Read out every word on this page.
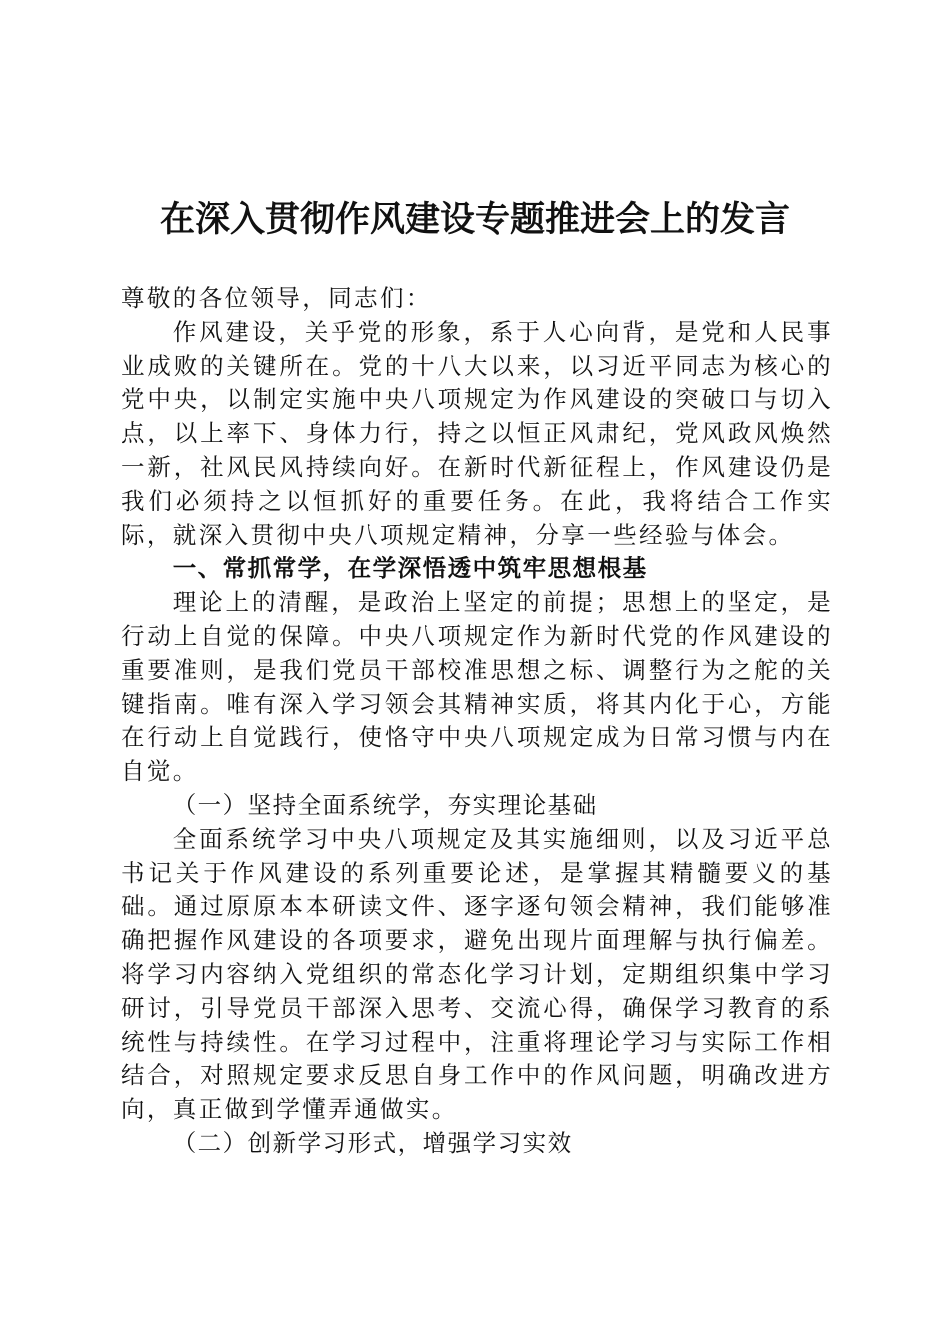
在深入贯彻作风建设专题推进会上的发言

尊敬的各位领导，同志们：

作风建设，关乎党的形象，系于人心向背，是党和人民事业成败的关键所在。党的十八大以来，以习近平同志为核心的党中央，以制定实施中央八项规定为作风建设的突破口与切入点，以上率下、身体力行，持之以恒正风肃纪，党风政风焕然一新，社风民风持续向好。在新时代新征程上，作风建设仍是我们必须持之以恒抓好的重要任务。在此，我将结合工作实际，就深入贯彻中央八项规定精神，分享一些经验与体会。

一、常抓常学，在学深悟透中筑牢思想根基

理论上的清醒，是政治上坚定的前提；思想上的坚定，是行动上自觉的保障。中央八项规定作为新时代党的作风建设的重要准则，是我们党员干部校准思想之标、调整行为之舵的关键指南。唯有深入学习领会其精神实质，将其内化于心，方能在行动上自觉践行，使恪守中央八项规定成为日常习惯与内在自觉。

（一）坚持全面系统学，夯实理论基础

全面系统学习中央八项规定及其实施细则，以及习近平总书记关于作风建设的系列重要论述，是掌握其精髓要义的基础。通过原原本本研读文件、逐字逐句领会精神，我们能够准确把握作风建设的各项要求，避免出现片面理解与执行偏差。将学习内容纳入党组织的常态化学习计划，定期组织集中学习研讨，引导党员干部深入思考、交流心得，确保学习教育的系统性与持续性。在学习过程中，注重将理论学习与实际工作相结合，对照规定要求反思自身工作中的作风问题，明确改进方向，真正做到学懂弄通做实。

（二）创新学习形式，增强学习实效
